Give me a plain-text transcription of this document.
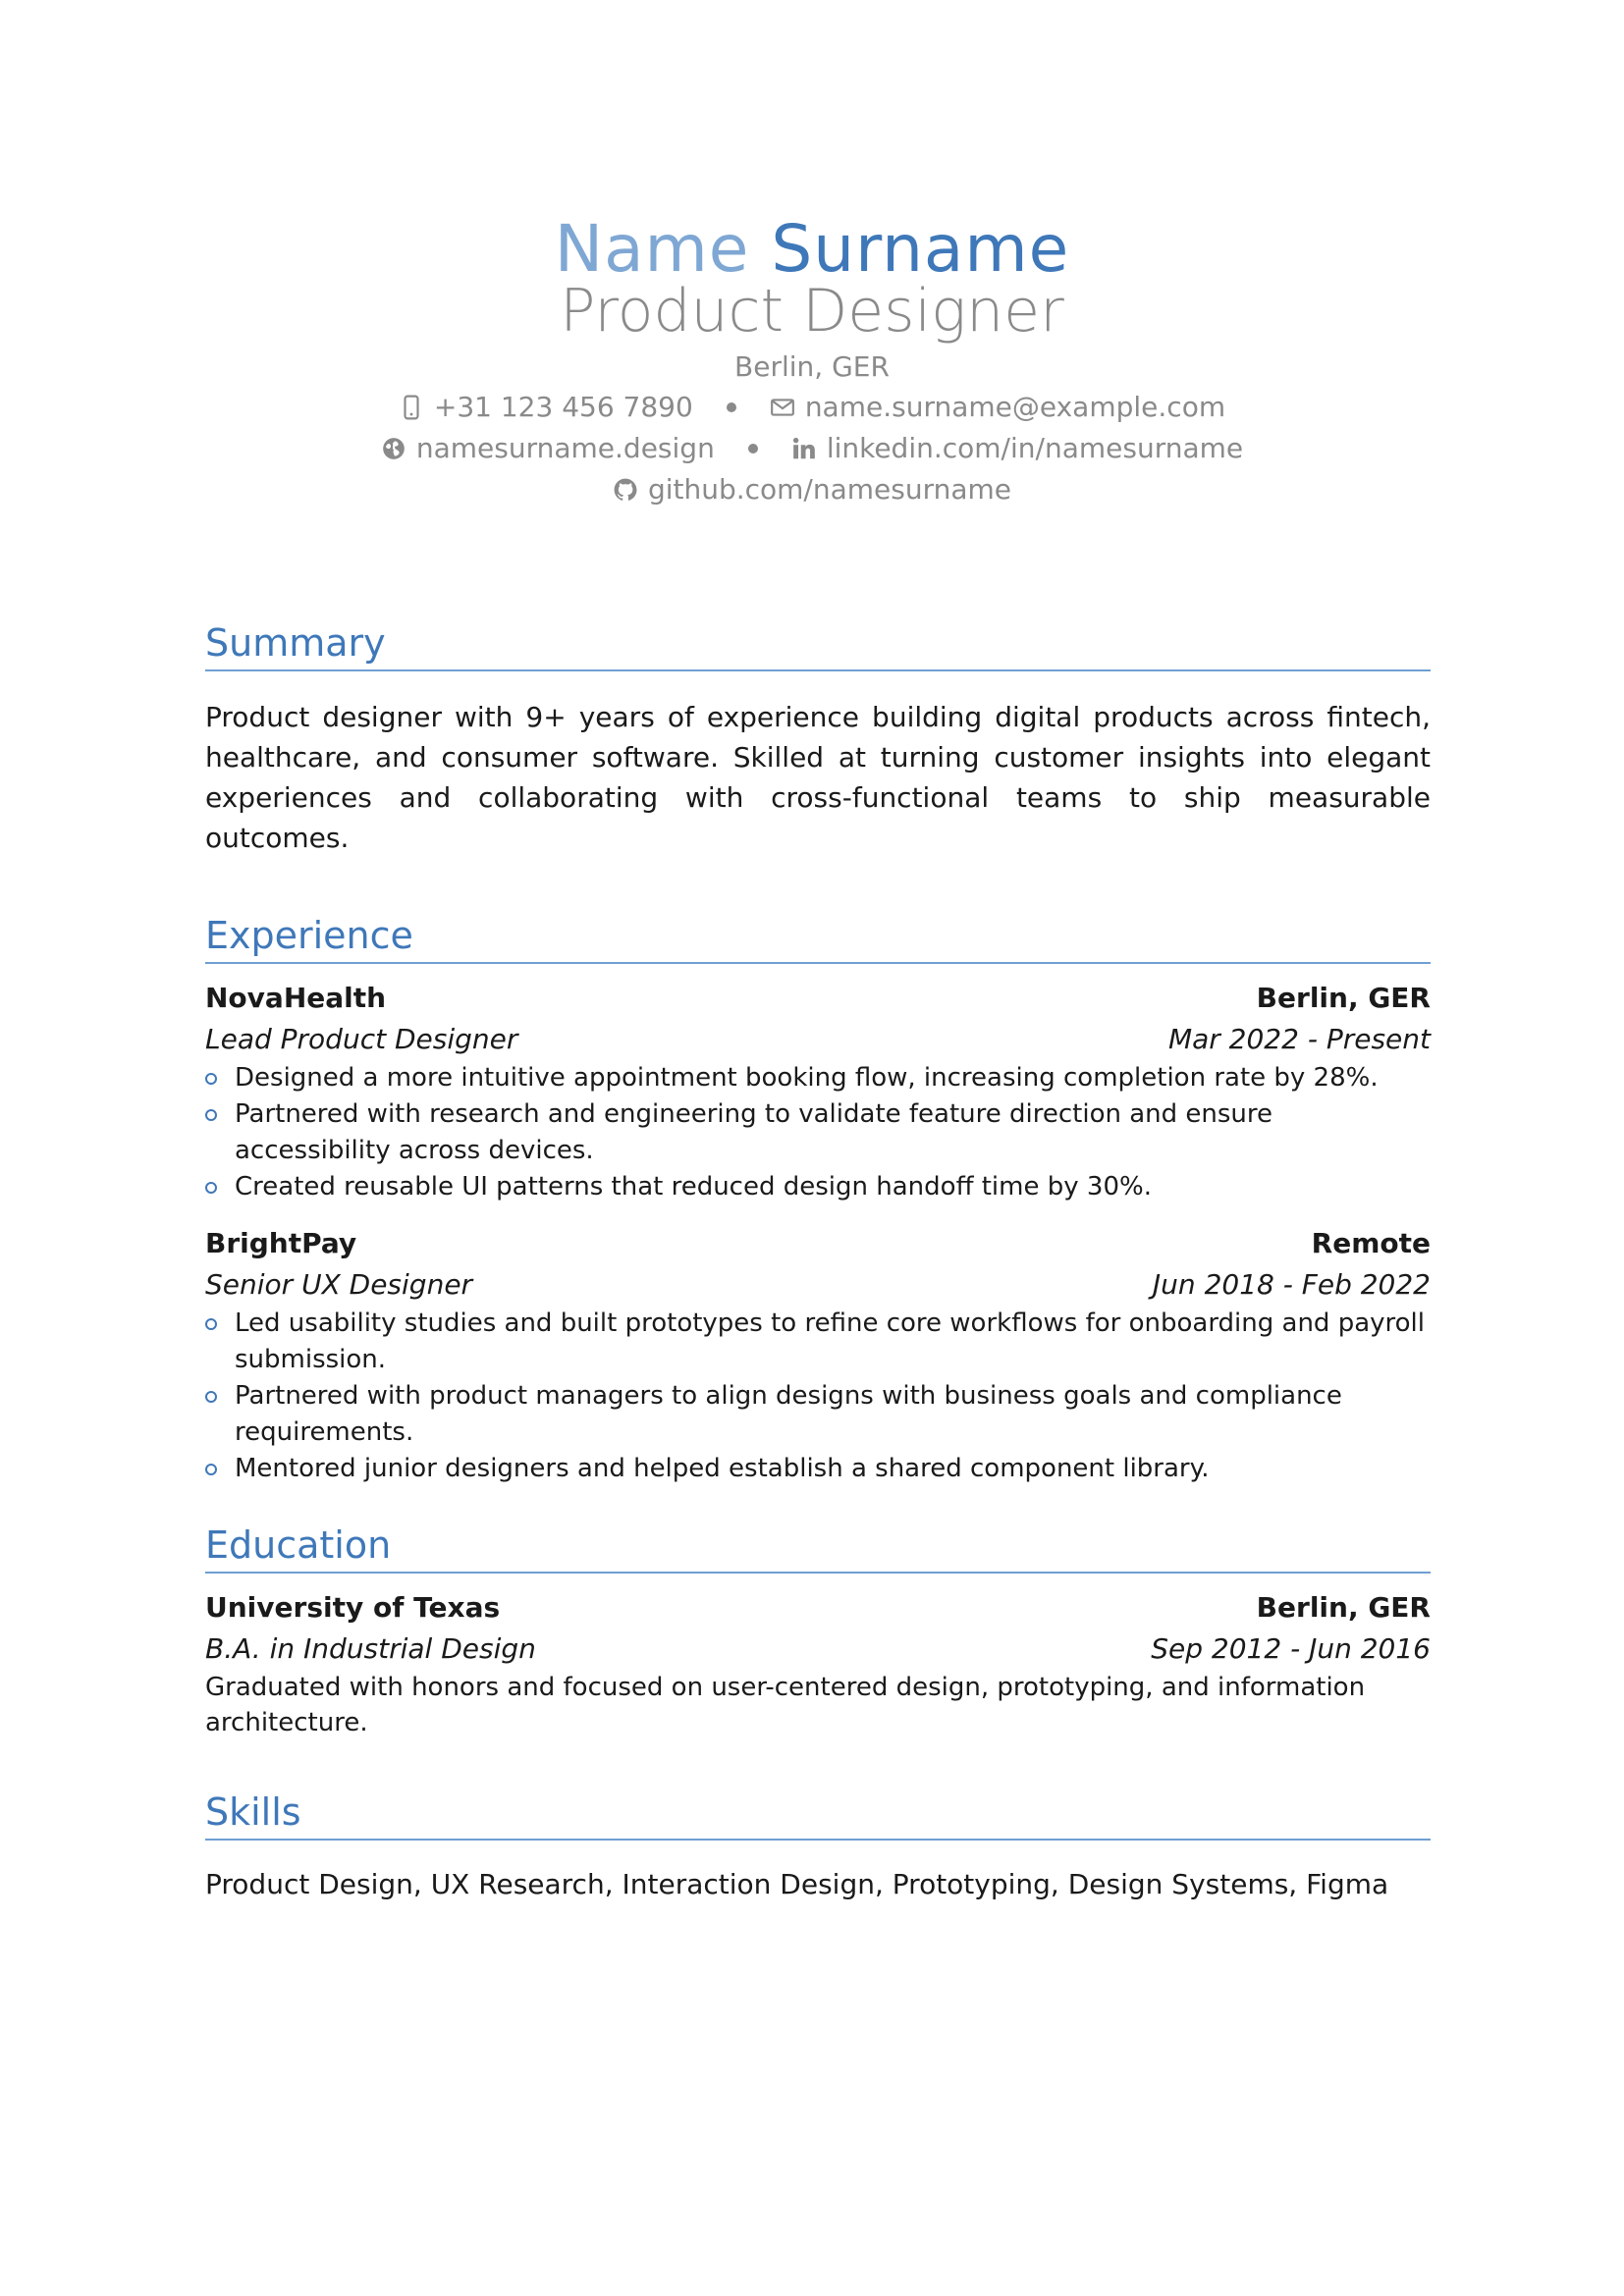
Name Surname
Product Designer
Berlin, GER
+31 123 456 7890	name.surname@example.com
namesurname.design	linkedin.com/in/namesurname
github.com/namesurname
Summary
Product designer with 9+ years of experience building digital products across fintech, healthcare, and consumer software. Skilled at turning customer insights into elegant experiences and collaborating with cross-functional teams to ship measurable outcomes.
Experience
NovaHealth	Berlin, GER
Lead Product Designer	Mar 2022 - Present
Designed a more intuitive appointment booking flow, increasing completion rate by 28%.
Partnered with research and engineering to validate feature direction and ensure accessibility across devices.
Created reusable UI patterns that reduced design handoff time by 30%.
BrightPay	Remote
Senior UX Designer	Jun 2018 - Feb 2022
Led usability studies and built prototypes to refine core workflows for onboarding and payroll submission.
Partnered with product managers to align designs with business goals and compliance requirements.
Mentored junior designers and helped establish a shared component library.
Education
University of Texas	Berlin, GER
B.A. in Industrial Design	Sep 2012 - Jun 2016
Graduated with honors and focused on user-centered design, prototyping, and information architecture.
Skills
Product Design, UX Research, Interaction Design, Prototyping, Design Systems, Figma
